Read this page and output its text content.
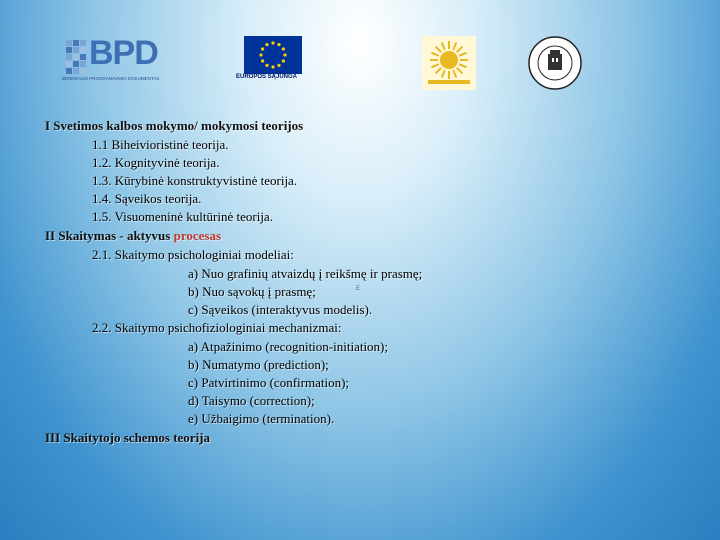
BPD
BENDRASIS PROGRAMAVIMO DOKUMENTAS	EUROPOS SĄJUNGA
I Svetimos kalbos mokymo/ mokymosi teorijos
1.1 Biheivioristinė teorija.
1.2. Kognityvinė teorija.
1.3. Kūrybinė konstruktyvistinė teorija.
1.4. Sąveikos teorija.
1.5. Visuomeninė kultūrinė teorija.
II Skaitymas - aktyvus procesas
2.1. Skaitymo psichologiniai modeliai:
a) Nuo grafinių atvaizdų į reikšmę ir prasmę;
b) Nuo sąvokų į prasmę;	E
c) Sąveikos (interaktyvus modelis).
2.2. Skaitymo psichofiziologiniai mechanizmai:
a) Atpažinimo (recognition-initiation);
b) Numatymo (prediction);
c) Patvirtinimo (confirmation);
d) Taisymo (correction);
e) Užbaigimo (termination).
III Skaitytojo schemos teorija
